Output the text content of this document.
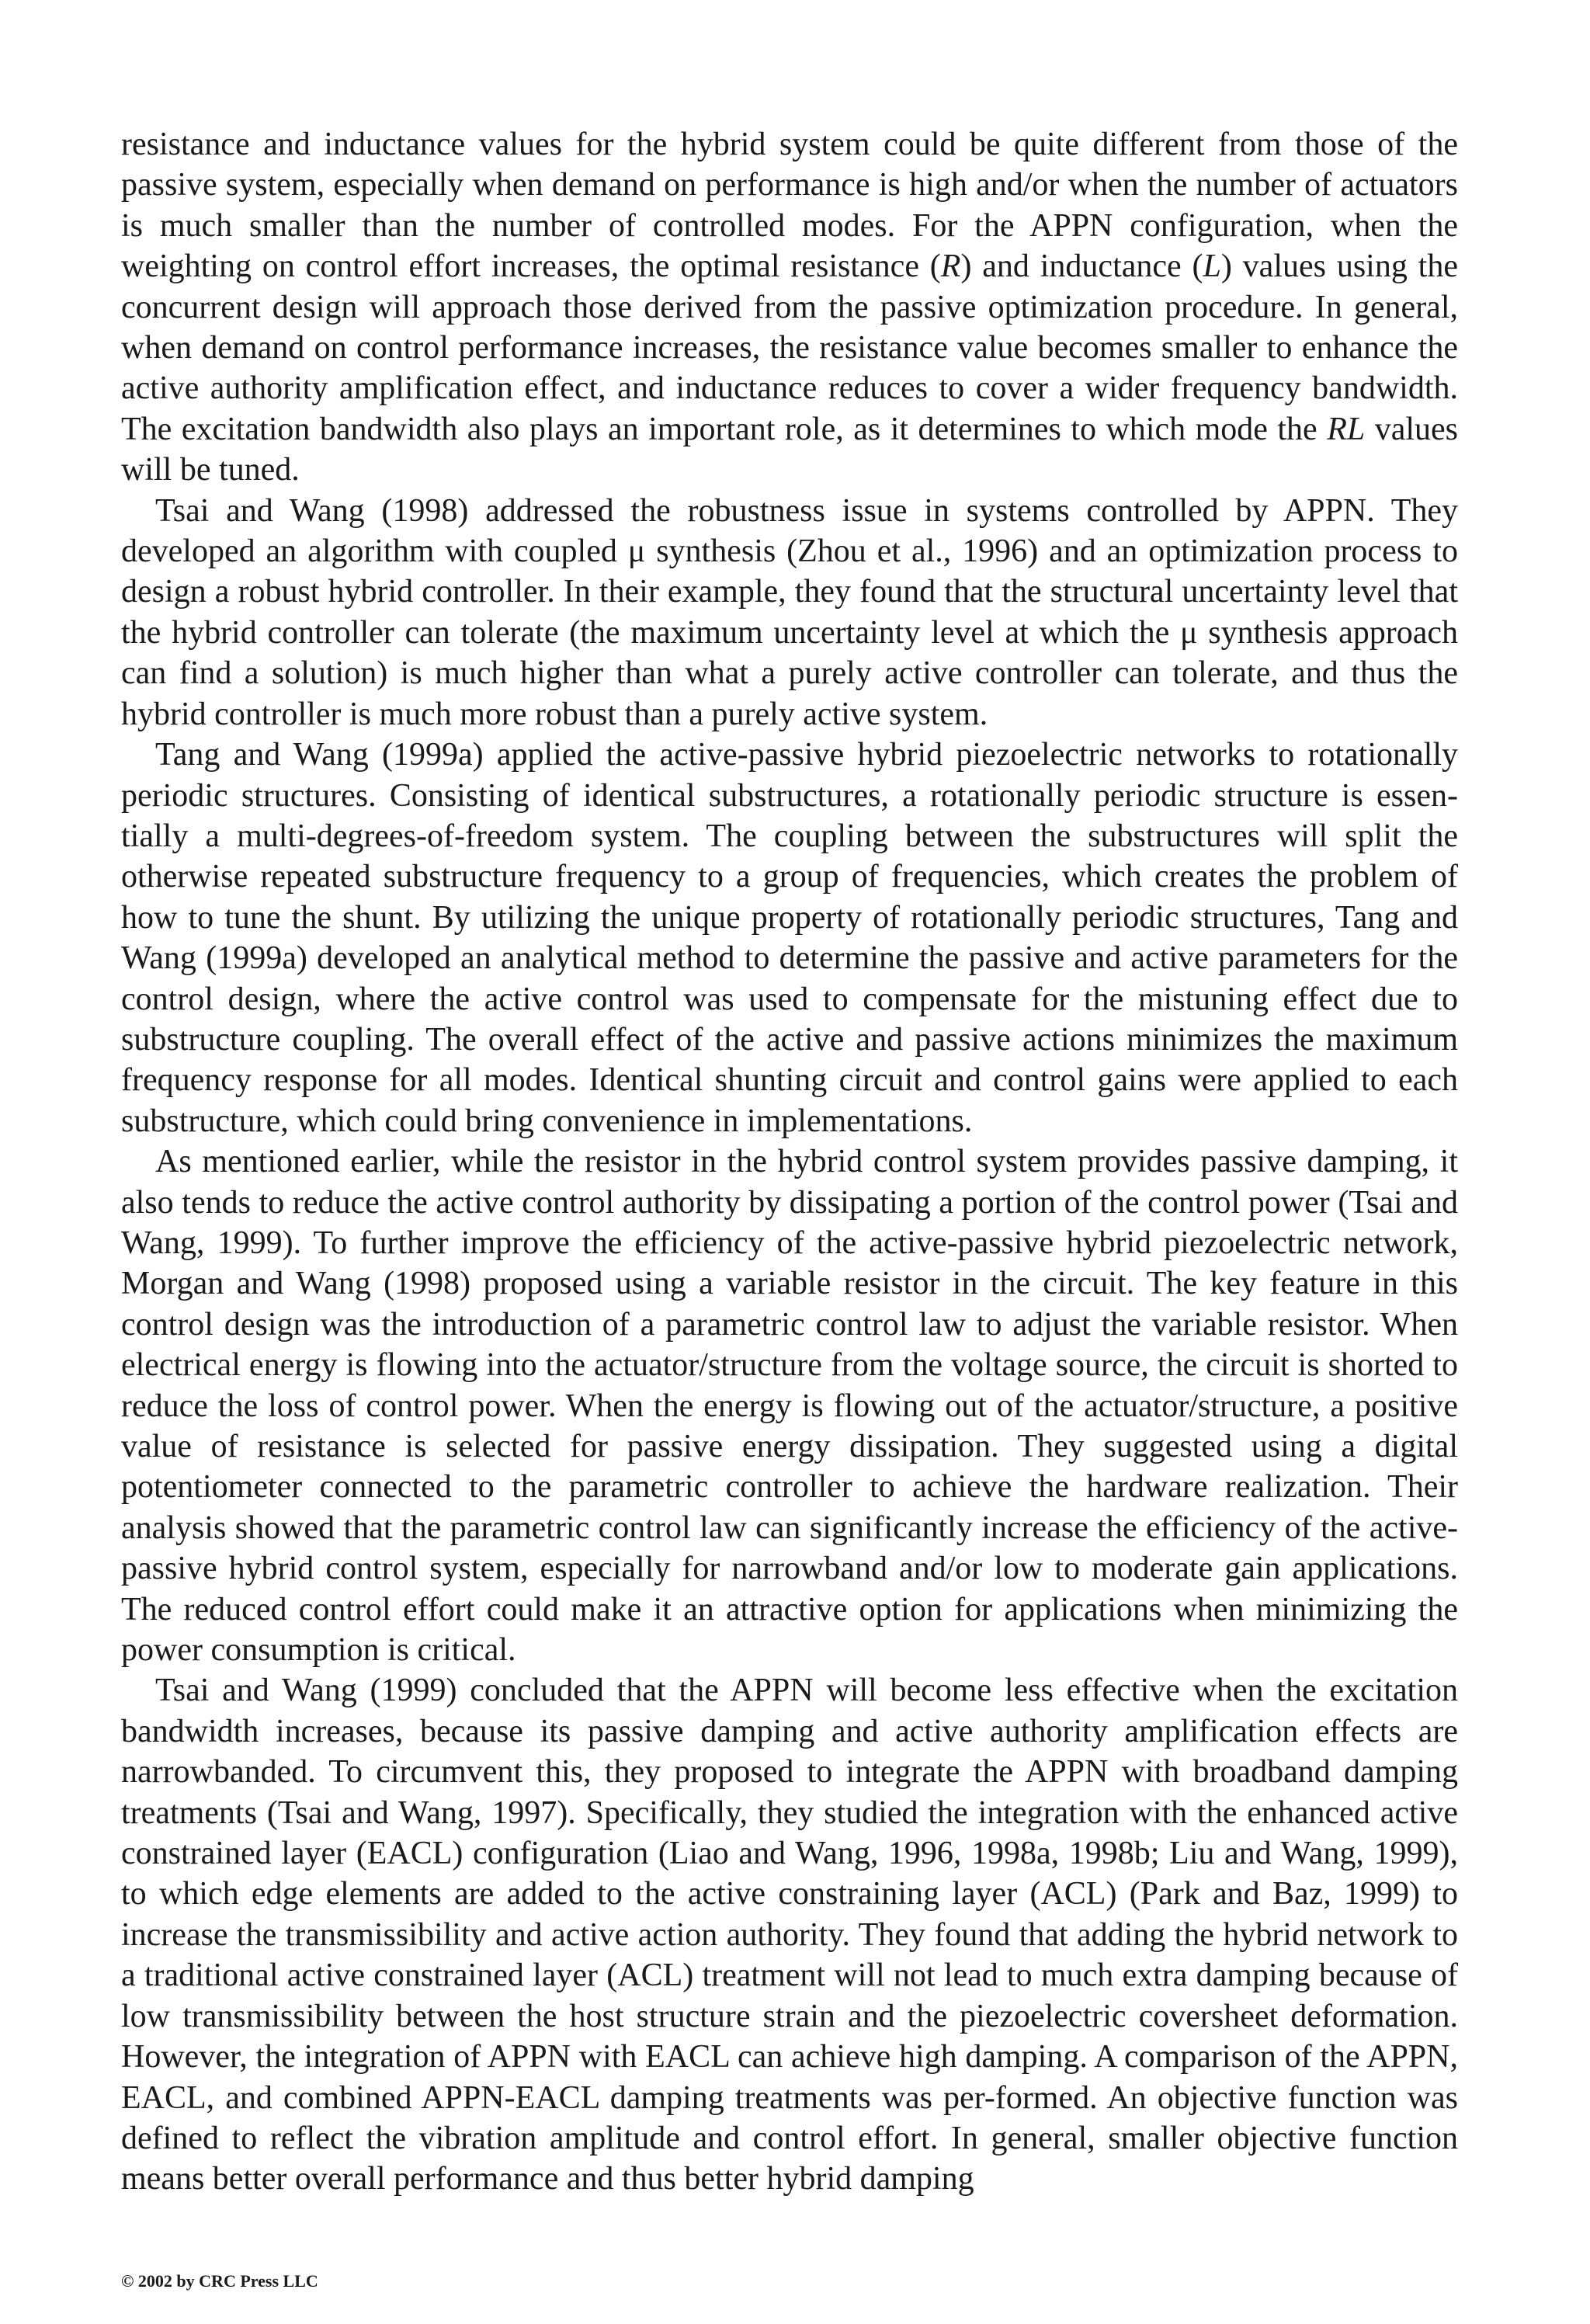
resistance and inductance values for the hybrid system could be quite different from those of the passive system, especially when demand on performance is high and/or when the number of actuators is much smaller than the number of controlled modes. For the APPN configuration, when the weighting on control effort increases, the optimal resistance (R) and inductance (L) values using the concurrent design will approach those derived from the passive optimization procedure. In general, when demand on control performance increases, the resistance value becomes smaller to enhance the active authority amplification effect, and inductance reduces to cover a wider frequency bandwidth. The excitation bandwidth also plays an important role, as it determines to which mode the RL values will be tuned.

Tsai and Wang (1998) addressed the robustness issue in systems controlled by APPN. They developed an algorithm with coupled μ synthesis (Zhou et al., 1996) and an optimization process to design a robust hybrid controller. In their example, they found that the structural uncertainty level that the hybrid controller can tolerate (the maximum uncertainty level at which the μ synthesis approach can find a solution) is much higher than what a purely active controller can tolerate, and thus the hybrid controller is much more robust than a purely active system.

Tang and Wang (1999a) applied the active-passive hybrid piezoelectric networks to rotationally periodic structures. Consisting of identical substructures, a rotationally periodic structure is essen-tially a multi-degrees-of-freedom system. The coupling between the substructures will split the otherwise repeated substructure frequency to a group of frequencies, which creates the problem of how to tune the shunt. By utilizing the unique property of rotationally periodic structures, Tang and Wang (1999a) developed an analytical method to determine the passive and active parameters for the control design, where the active control was used to compensate for the mistuning effect due to substructure coupling. The overall effect of the active and passive actions minimizes the maximum frequency response for all modes. Identical shunting circuit and control gains were applied to each substructure, which could bring convenience in implementations.

As mentioned earlier, while the resistor in the hybrid control system provides passive damping, it also tends to reduce the active control authority by dissipating a portion of the control power (Tsai and Wang, 1999). To further improve the efficiency of the active-passive hybrid piezoelectric network, Morgan and Wang (1998) proposed using a variable resistor in the circuit. The key feature in this control design was the introduction of a parametric control law to adjust the variable resistor. When electrical energy is flowing into the actuator/structure from the voltage source, the circuit is shorted to reduce the loss of control power. When the energy is flowing out of the actuator/structure, a positive value of resistance is selected for passive energy dissipation. They suggested using a digital potentiometer connected to the parametric controller to achieve the hardware realization. Their analysis showed that the parametric control law can significantly increase the efficiency of the active-passive hybrid control system, especially for narrowband and/or low to moderate gain applications. The reduced control effort could make it an attractive option for applications when minimizing the power consumption is critical.

Tsai and Wang (1999) concluded that the APPN will become less effective when the excitation bandwidth increases, because its passive damping and active authority amplification effects are narrowbanded. To circumvent this, they proposed to integrate the APPN with broadband damping treatments (Tsai and Wang, 1997). Specifically, they studied the integration with the enhanced active constrained layer (EACL) configuration (Liao and Wang, 1996, 1998a, 1998b; Liu and Wang, 1999), to which edge elements are added to the active constraining layer (ACL) (Park and Baz, 1999) to increase the transmissibility and active action authority. They found that adding the hybrid network to a traditional active constrained layer (ACL) treatment will not lead to much extra damping because of low transmissibility between the host structure strain and the piezoelectric coversheet deformation. However, the integration of APPN with EACL can achieve high damping. A comparison of the APPN, EACL, and combined APPN-EACL damping treatments was per-formed. An objective function was defined to reflect the vibration amplitude and control effort. In general, smaller objective function means better overall performance and thus better hybrid damping

© 2002 by CRC Press LLC
